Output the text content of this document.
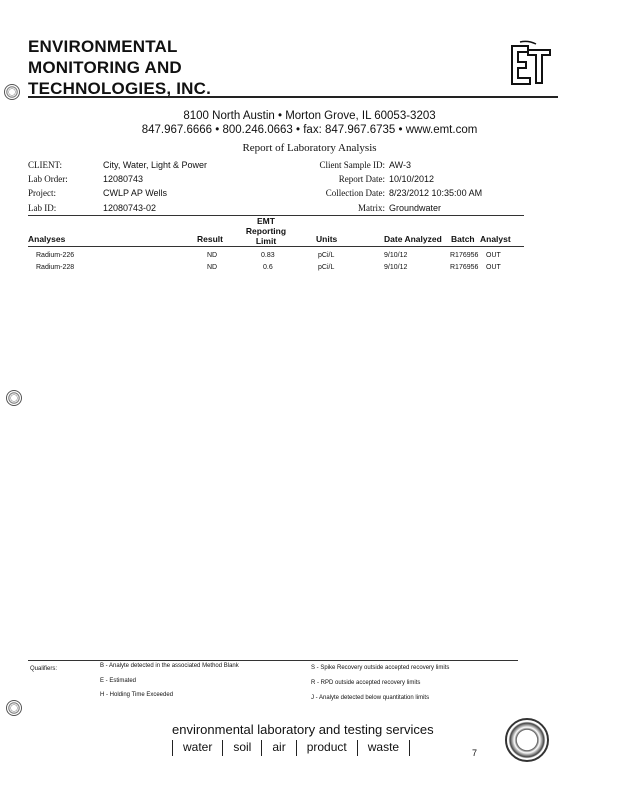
ENVIRONMENTAL
MONITORING AND
TECHNOLOGIES, INC.
8100 North Austin • Morton Grove, IL 60053-3203
847.967.6666 • 800.246.0663 • fax: 847.967.6735 • www.emt.com
Report of Laboratory Analysis
CLIENT:	City, Water, Light & Power
Lab Order:	12080743
Project:	CWLP AP Wells
Lab ID:	12080743-02
Client Sample ID: AW-3
Report Date: 10/10/2012
Collection Date: 8/23/2012 10:35:00 AM
Matrix: Groundwater
Analyses	Result
EMT
Reporting
Limit	Units	Date Analyzed Batch Analyst
Radium-226	ND	0.83	pCi/L	9/10/12	R176956 OUT
Radium-228	ND	0.6	pCi/L	9/10/12	R176956 OUT
Qualifiers:	B - Analyte detected in the associated Method Blank
E - Estimated
H - Holding Time Exceeded
S - Spike Recovery outside accepted recovery limits
R - RPD outside accepted recovery limits
J - Analyte detected below quantitation limits
environmental laboratory and testing services
water	soil	air	product	waste	7
